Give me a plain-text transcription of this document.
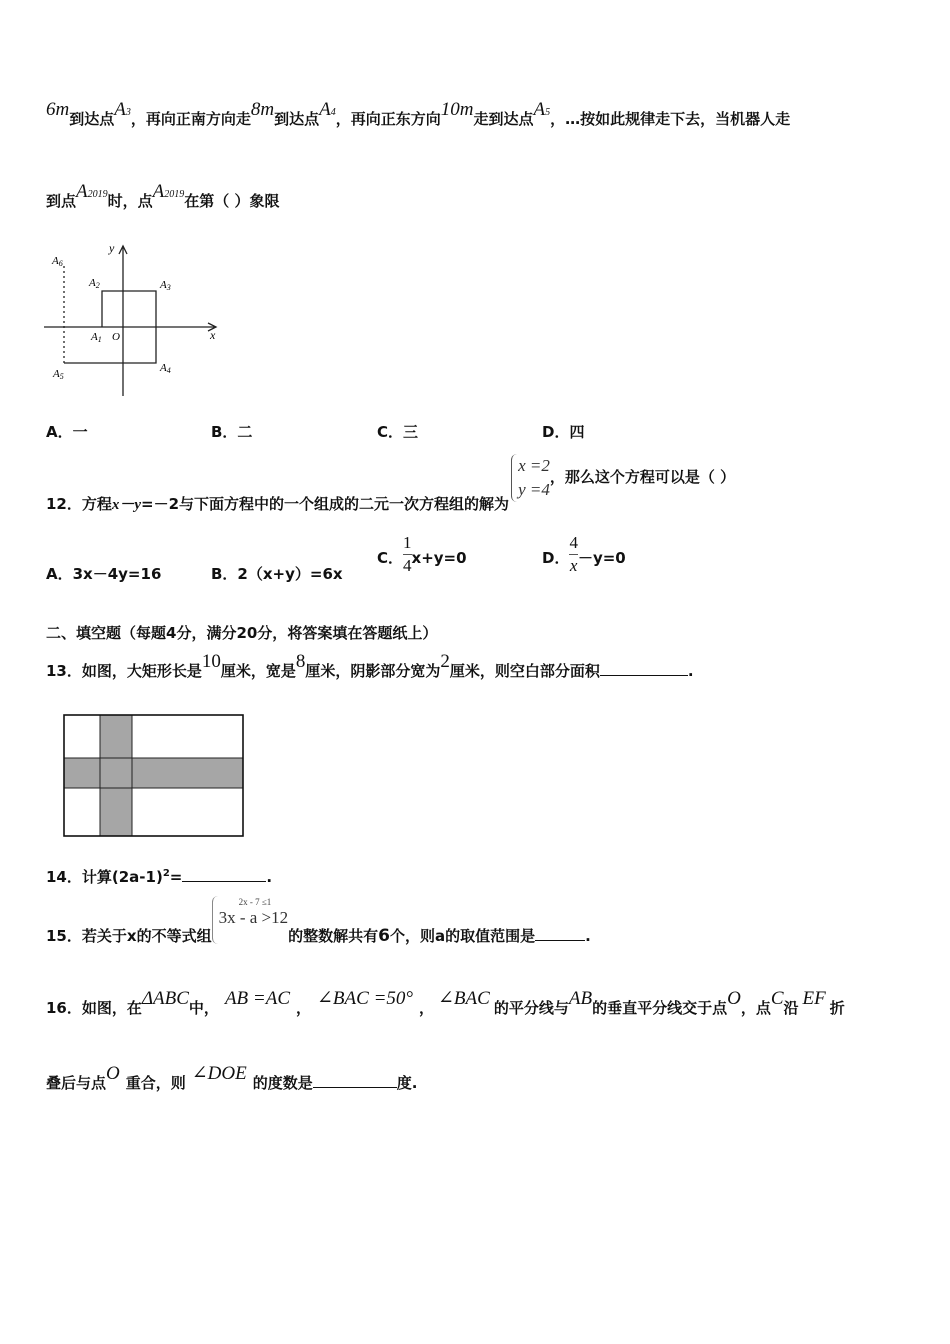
6m到达点A3，再向正南方向走8m到达点A4，再向正东方向10m走到达点A5，…按如此规律走下去，当机器人走
到点A2019时，点A2019在第（ ）象限
y
x
O
A1
A2	A3
A4
A5
A6
A．一	B．二	C．三	D．四
12．方程x－y=－2与下面方程中的一个组成的二元一次方程组的解为
x =2
y =4
，那么这个方程可以是（ ）
A．3x－4y=16	B．2（x+y）=6x
C． $\frac{1}{4} x+y=0$	D． $\frac{4}{x} -y=0$
二、填空题（每题4分，满分20分，将答案填在答题纸上）
13．如图，大矩形长是10厘米，宽是8厘米，阴影部分宽为2厘米，则空白部分面积	.
14．计算$(2a-1)^2=$	.
15．若关于x的不等式组
2x - 7 ≤1
3x - a >12
的整数解共有6个，则a的取值范围是	.
16．如图，在ΔABC中， AB =AC ， ∠BAC =50° ， ∠BAC 的平分线与AB的垂直平分线交于点O，点C沿 EF 折
叠后与点O 重合，则 ∠DOE 的度数是	度.
